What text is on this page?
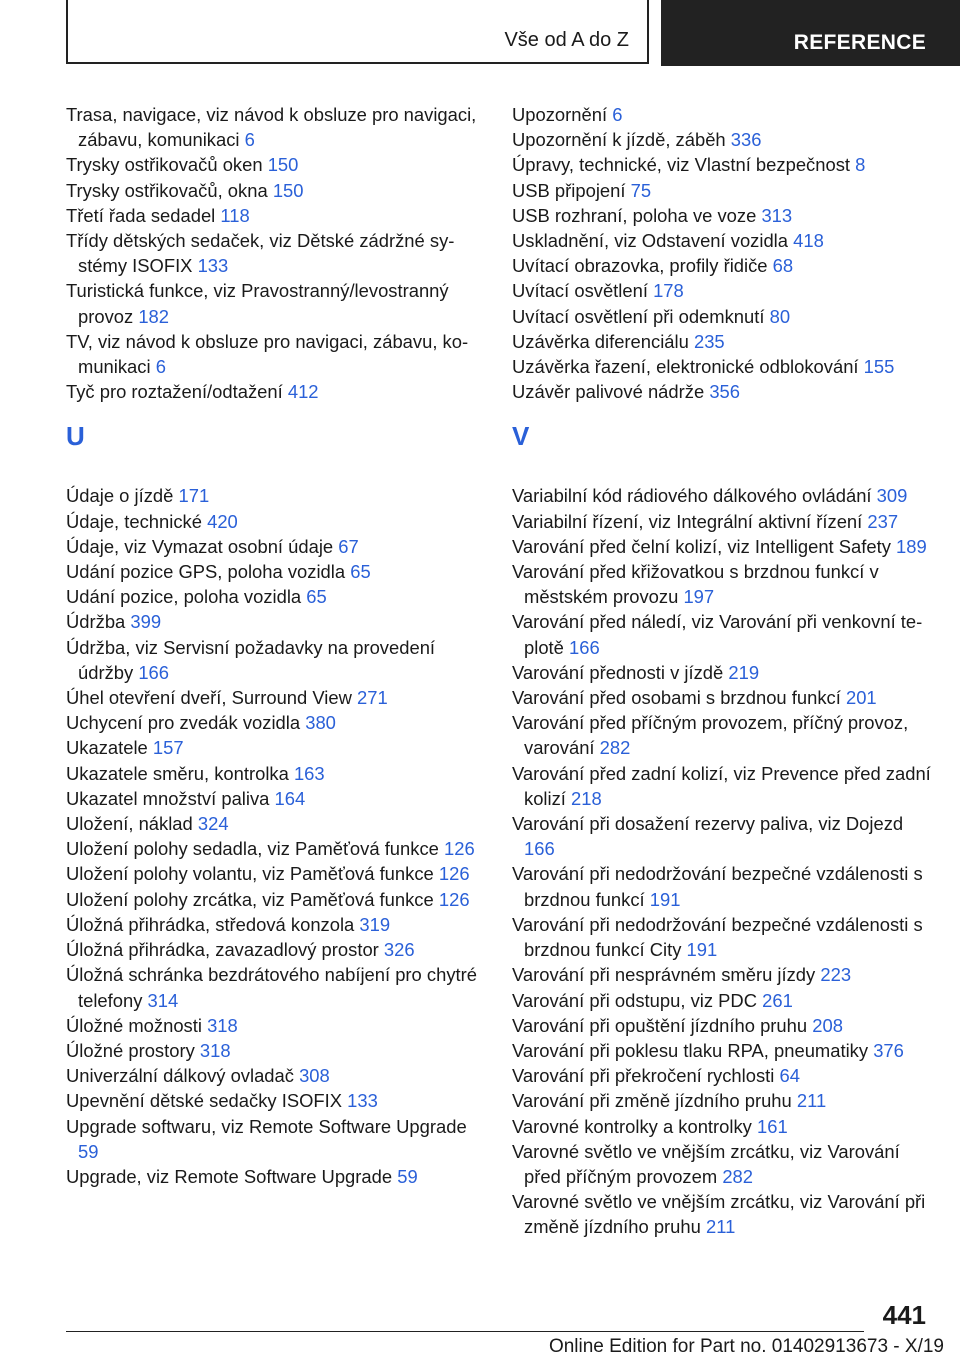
Vše od A do Z	REFERENCE
Trasa, navigace, viz návod k obsluze pro navigaci, zábavu, komunikaci 6
Trysky ostřikovačů oken 150
Trysky ostřikovačů, okna 150
Třetí řada sedadel 118
Třídy dětských sedaček, viz Dětské zádržné systémy ISOFIX 133
Turistická funkce, viz Pravostranný/levostranný provoz 182
TV, viz návod k obsluze pro navigaci, zábavu, komunikaci 6
Tyč pro roztažení/odtažení 412
U
Údaje o jízdě 171
Údaje, technické 420
Údaje, viz Vymazat osobní údaje 67
Udání pozice GPS, poloha vozidla 65
Udání pozice, poloha vozidla 65
Údržba 399
Údržba, viz Servisní požadavky na provedení údržby 166
Úhel otevření dveří, Surround View 271
Uchycení pro zvedák vozidla 380
Ukazatele 157
Ukazatele směru, kontrolka 163
Ukazatel množství paliva 164
Uložení, náklad 324
Uložení polohy sedadla, viz Paměťová funkce 126
Uložení polohy volantu, viz Paměťová funkce 126
Uložení polohy zrcátka, viz Paměťová funkce 126
Úložná přihrádka, středová konzola 319
Úložná přihrádka, zavazadlový prostor 326
Úložná schránka bezdrátového nabíjení pro chytré telefony 314
Úložné možnosti 318
Úložné prostory 318
Univerzální dálkový ovladač 308
Upevnění dětské sedačky ISOFIX 133
Upgrade softwaru, viz Remote Software Upgrade 59
Upgrade, viz Remote Software Upgrade 59
Upozornění 6
Upozornění k jízdě, záběh 336
Úpravy, technické, viz Vlastní bezpečnost 8
USB připojení 75
USB rozhraní, poloha ve voze 313
Uskladnění, viz Odstavení vozidla 418
Uvítací obrazovka, profily řidiče 68
Uvítací osvětlení 178
Uvítací osvětlení při odemknutí 80
Uzávěrka diferenciálu 235
Uzávěrka řazení, elektronické odblokování 155
Uzávěr palivové nádrže 356
V
Variabilní kód rádiového dálkového ovládání 309
Variabilní řízení, viz Integrální aktivní řízení 237
Varování před čelní kolizí, viz Intelligent Safety 189
Varování před křižovatkou s brzdnou funkcí v městském provozu 197
Varování před náledí, viz Varování při venkovní teplotě 166
Varování přednosti v jízdě 219
Varování před osobami s brzdnou funkcí 201
Varování před příčným provozem, příčný provoz, varování 282
Varování před zadní kolizí, viz Prevence před zadní kolizí 218
Varování při dosažení rezervy paliva, viz Dojezd 166
Varování při nedodržování bezpečné vzdálenosti s brzdnou funkcí 191
Varování při nedodržování bezpečné vzdálenosti s brzdnou funkcí City 191
Varování při nesprávném směru jízdy 223
Varování při odstupu, viz PDC 261
Varování při opuštění jízdního pruhu 208
Varování při poklesu tlaku RPA, pneumatiky 376
Varování při překročení rychlosti 64
Varování při změně jízdního pruhu 211
Varovné kontrolky a kontrolky 161
Varovné světlo ve vnějším zrcátku, viz Varování před příčným provozem 282
Varovné světlo ve vnějším zrcátku, viz Varování při změně jízdního pruhu 211
441
Online Edition for Part no. 01402913673 - X/19
